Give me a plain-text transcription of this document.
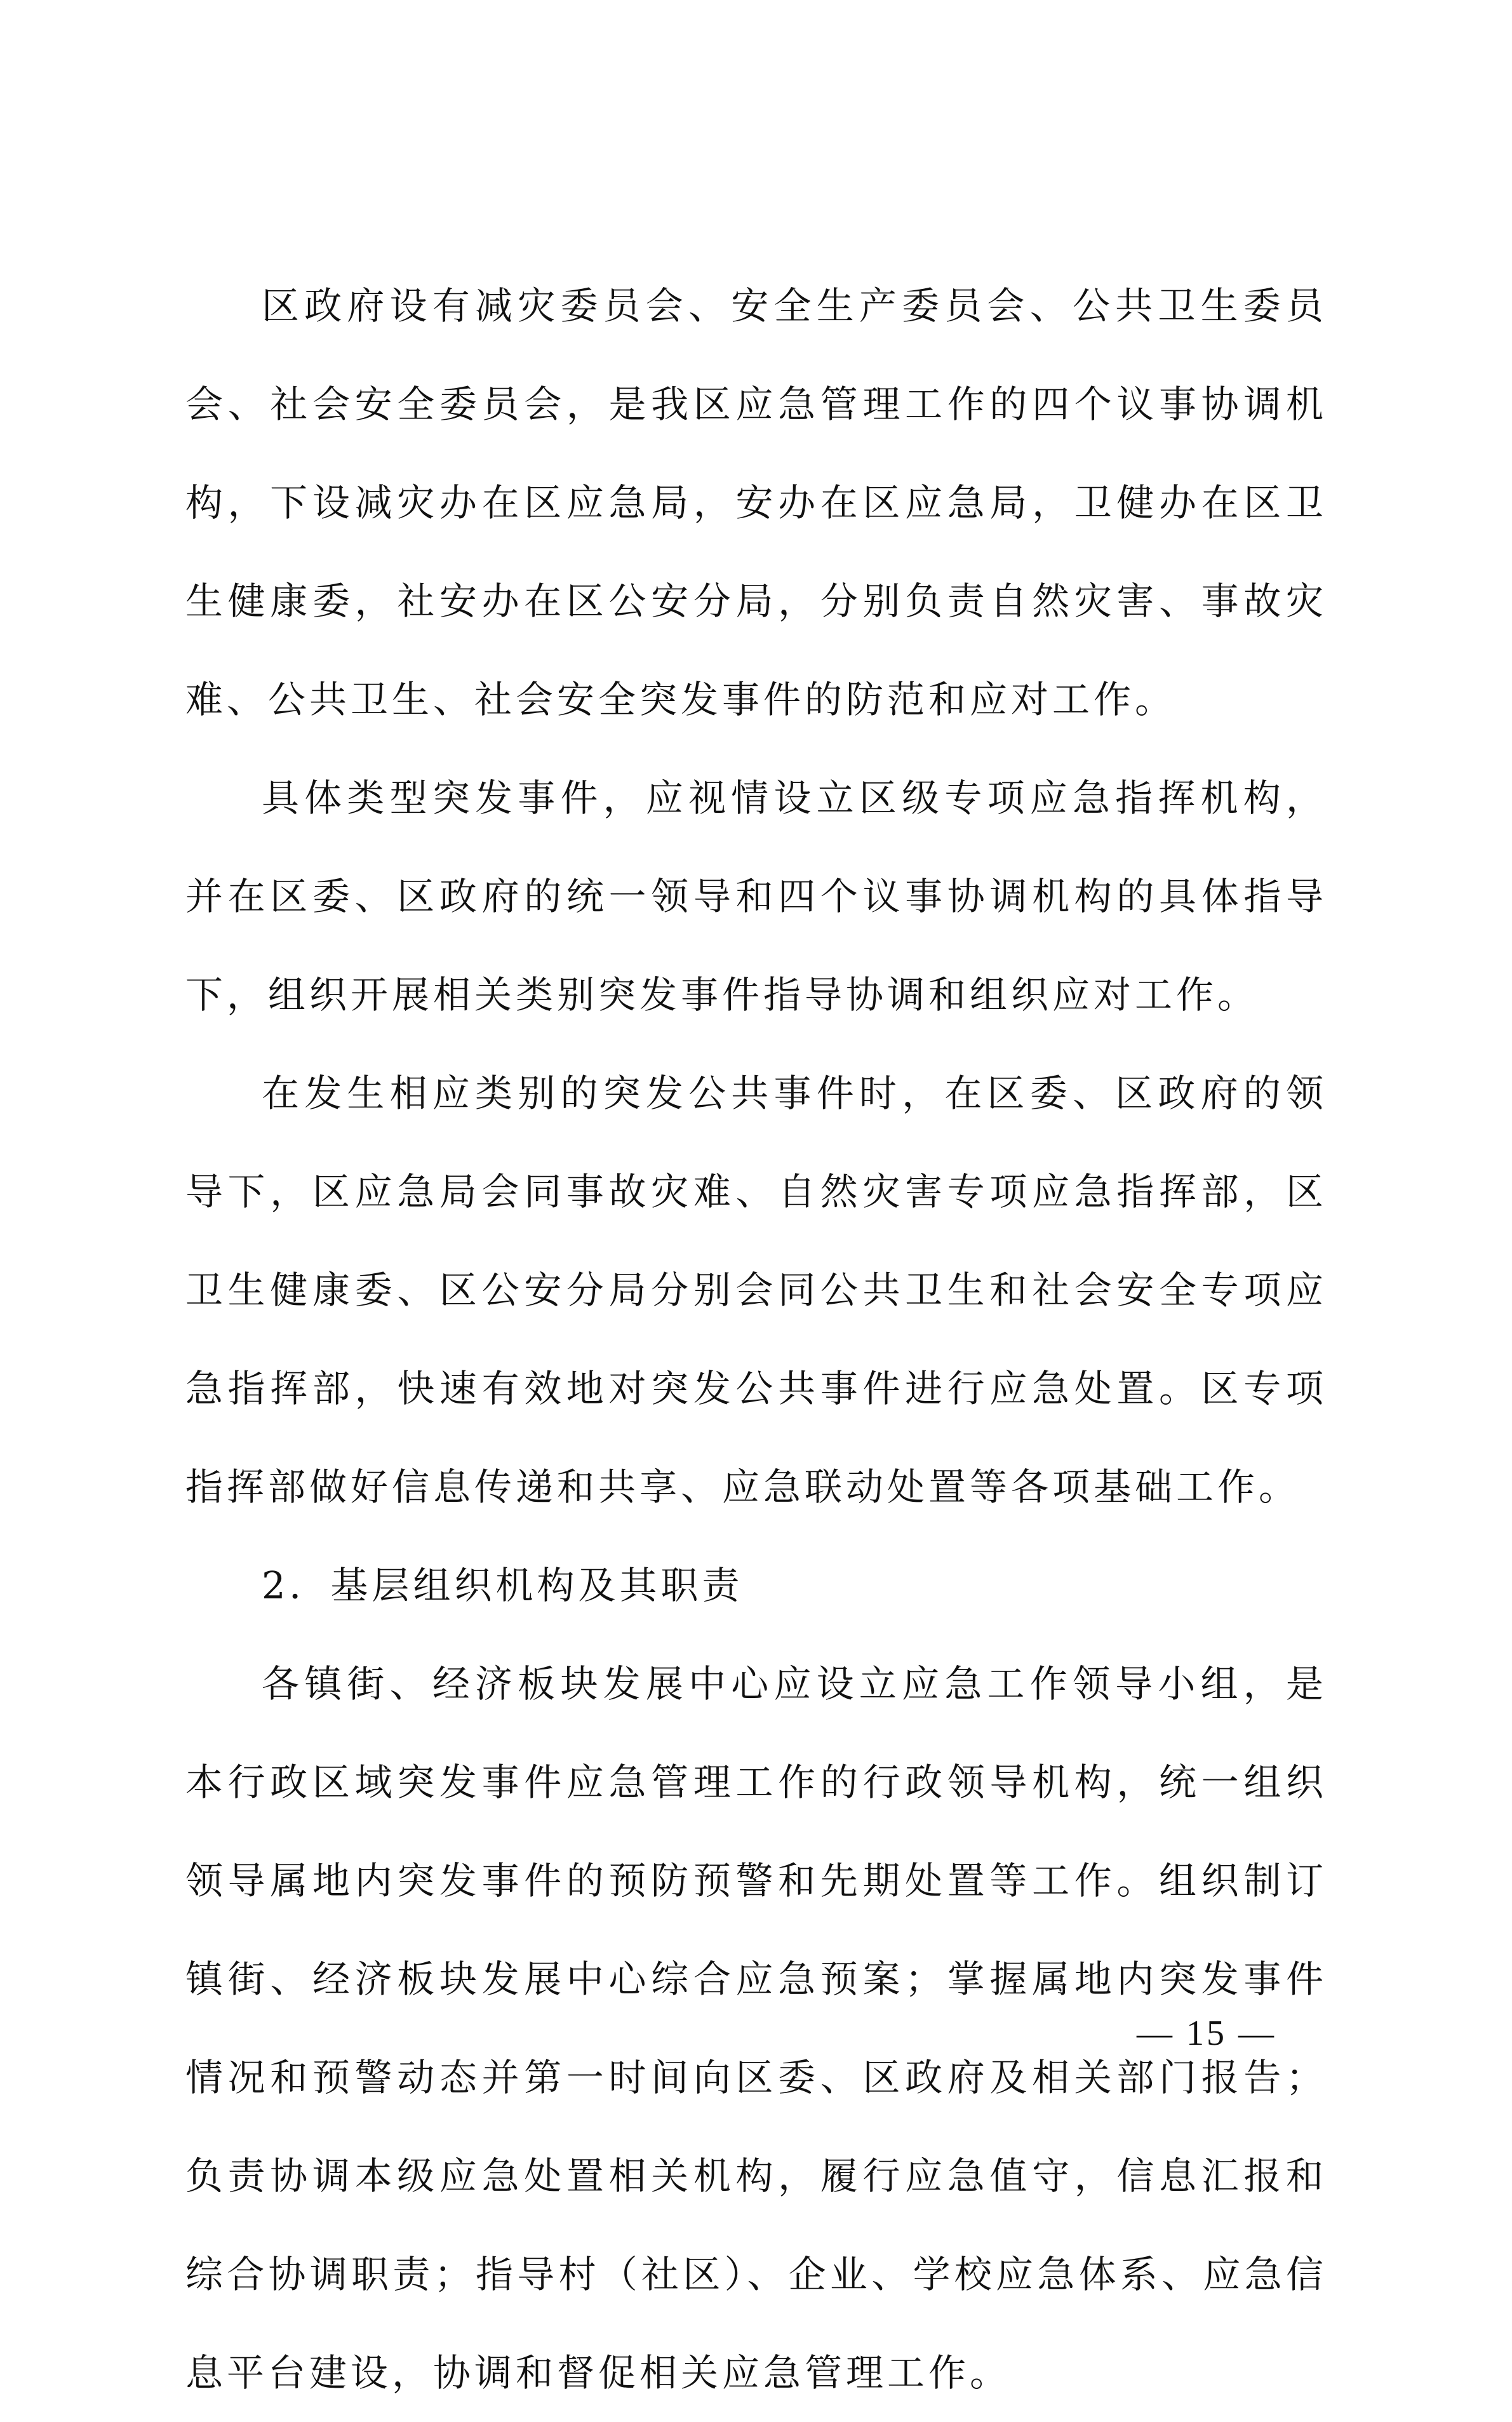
区政府设有减灾委员会、安全生产委员会、公共卫生委员会、社会安全委员会，是我区应急管理工作的四个议事协调机构，下设减灾办在区应急局，安办在区应急局，卫健办在区卫生健康委，社安办在区公安分局，分别负责自然灾害、事故灾难、公共卫生、社会安全突发事件的防范和应对工作。

具体类型突发事件，应视情设立区级专项应急指挥机构，并在区委、区政府的统一领导和四个议事协调机构的具体指导下，组织开展相关类别突发事件指导协调和组织应对工作。

在发生相应类别的突发公共事件时，在区委、区政府的领导下，区应急局会同事故灾难、自然灾害专项应急指挥部，区卫生健康委、区公安分局分别会同公共卫生和社会安全专项应急指挥部，快速有效地对突发公共事件进行应急处置。区专项指挥部做好信息传递和共享、应急联动处置等各项基础工作。

2．基层组织机构及其职责

各镇街、经济板块发展中心应设立应急工作领导小组，是本行政区域突发事件应急管理工作的行政领导机构，统一组织领导属地内突发事件的预防预警和先期处置等工作。组织制订镇街、经济板块发展中心综合应急预案；掌握属地内突发事件情况和预警动态并第一时间向区委、区政府及相关部门报告；负责协调本级应急处置相关机构，履行应急值守，信息汇报和综合协调职责；指导村（社区）、企业、学校应急体系、应急信息平台建设，协调和督促相关应急管理工作。

— 15 —
